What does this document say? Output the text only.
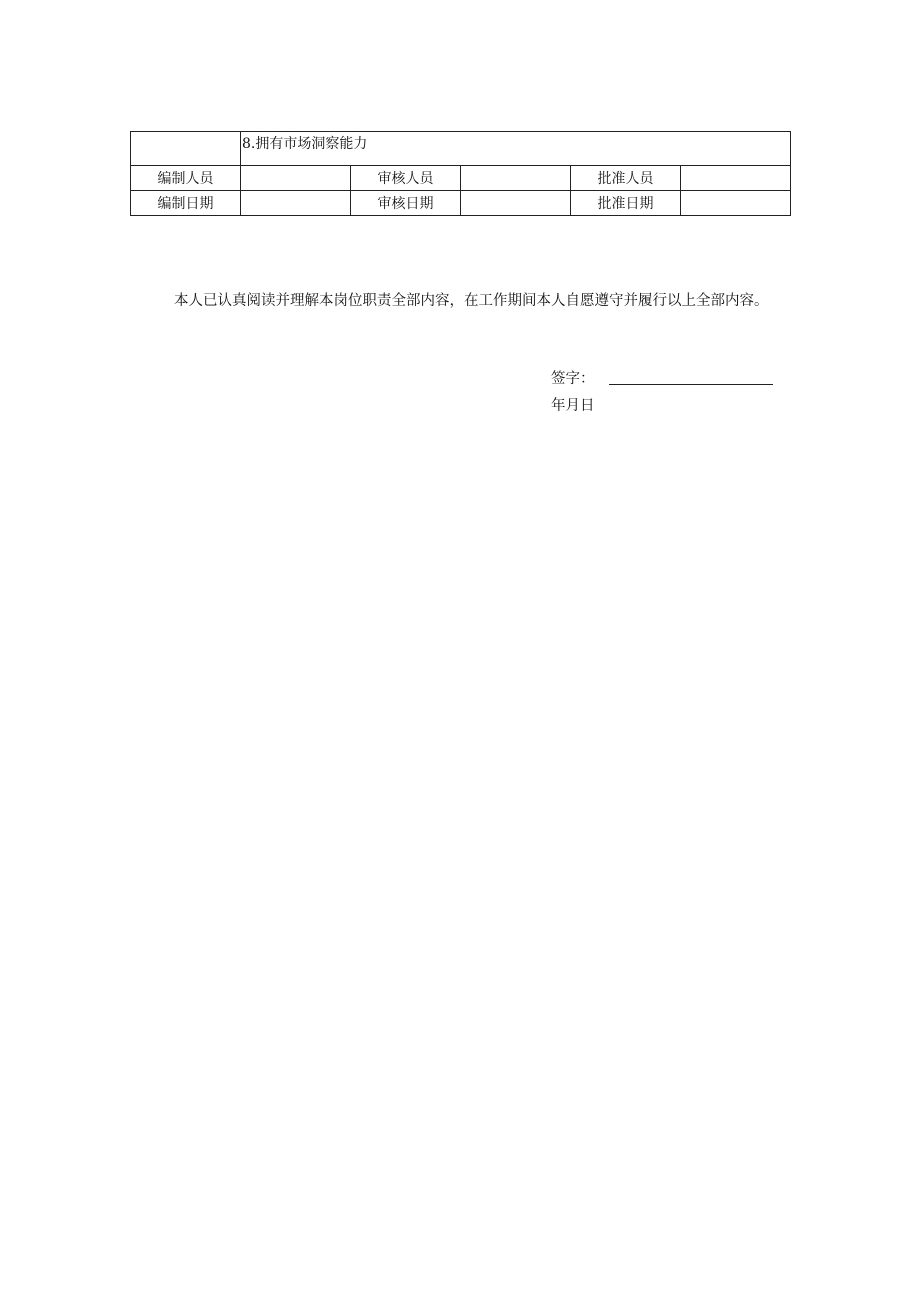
	8.拥有市场洞察能力				
编制人员		审核人员		批准人员	
编制日期		审核日期		批准日期	

本人已认真阅读并理解本岗位职责全部内容，在工作期间本人自愿遵守并履行以上全部内容。

签字：
年月日
